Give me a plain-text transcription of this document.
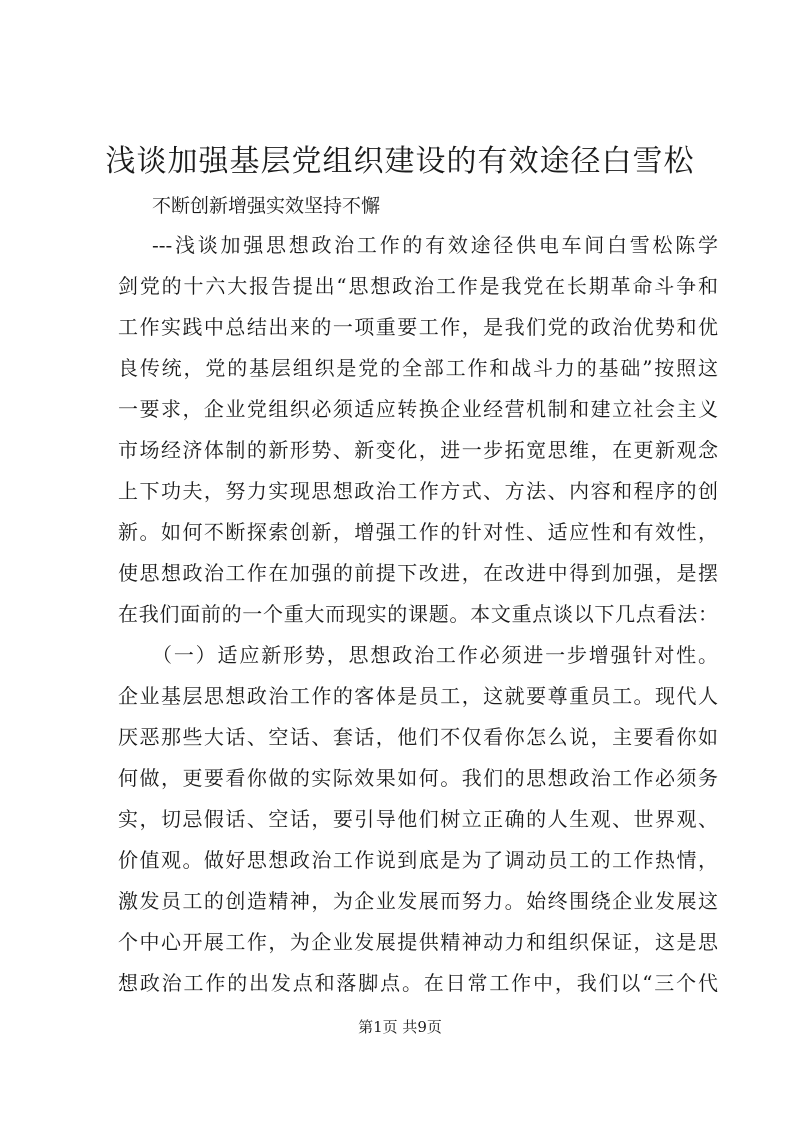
浅谈加强基层党组织建设的有效途径白雪松
不断创新增强实效坚持不懈
---浅谈加强思想政治工作的有效途径供电车间白雪松陈学
剑党的十六大报告提出“思想政治工作是我党在长期革命斗争和
工作实践中总结出来的一项重要工作，是我们党的政治优势和优
良传统，党的基层组织是党的全部工作和战斗力的基础”按照这
一要求，企业党组织必须适应转换企业经营机制和建立社会主义
市场经济体制的新形势、新变化，进一步拓宽思维，在更新观念
上下功夫，努力实现思想政治工作方式、方法、内容和程序的创
新。如何不断探索创新，增强工作的针对性、适应性和有效性，
使思想政治工作在加强的前提下改进，在改进中得到加强，是摆
在我们面前的一个重大而现实的课题。本文重点谈以下几点看法：
（一）适应新形势，思想政治工作必须进一步增强针对性。
企业基层思想政治工作的客体是员工，这就要尊重员工。现代人
厌恶那些大话、空话、套话，他们不仅看你怎么说，主要看你如
何做，更要看你做的实际效果如何。我们的思想政治工作必须务
实，切忌假话、空话，要引导他们树立正确的人生观、世界观、
价值观。做好思想政治工作说到底是为了调动员工的工作热情，
激发员工的创造精神，为企业发展而努力。始终围绕企业发展这
个中心开展工作，为企业发展提供精神动力和组织保证，这是思
想政治工作的出发点和落脚点。在日常工作中，我们以“三个代
第1页 共9页
